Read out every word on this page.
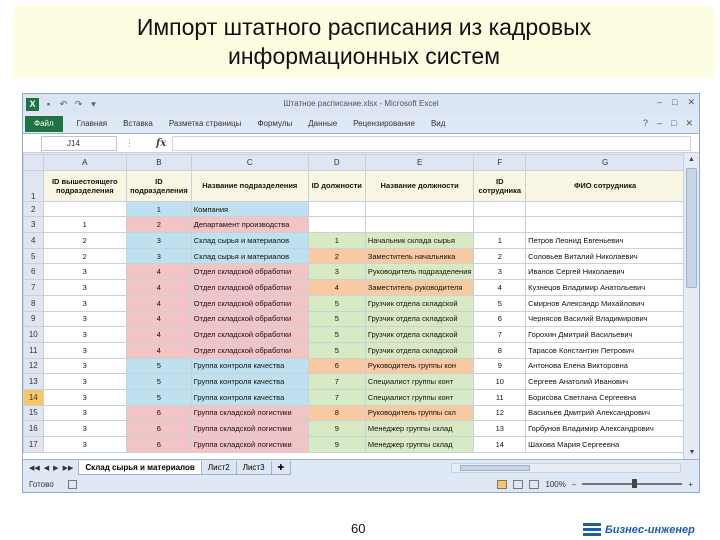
Импорт штатного расписания из кадровых
информационных систем
X	▪	↶ ↷ ▾	Штатное расписание.xlsx - Microsoft Excel	– □ ✕
Файл	Главная	Вставка	Разметка страницы	Формулы	Данные	Рецензирование	Вид	? – □ ✕
J14	⋮ fx
	A	B	C	D	E	F	G
1	ID вышестоящего подразделения	ID подразделения	Название подразделения	ID должности	Название должности	ID сотрудника	ФИО сотрудника
2		1	Компания				
3	1	2	Департамент производства				
4	2	3	Склад сырья и материалов	1	Начальник склада сырья	1	Петров Леонид Евгеньевич
5	2	3	Склад сырья и материалов	2	Заместитель начальника	2	Соловьев Виталий Николаевич
6	3	4	Отдел складской обработки	3	Руководитель подразделения	3	Иванов Сергей Николаевич
7	3	4	Отдел складской обработки	4	Заместитель руководителя	4	Кузнецов Владимир Анатольевич
8	3	4	Отдел складской обработки	5	Грузчик отдела складской	5	Смирнов Александр Михайлович
9	3	4	Отдел складской обработки	5	Грузчик отдела складской	6	Чернясов Василий Владимирович
10	3	4	Отдел складской обработки	5	Грузчик отдела складской	7	Горохин Дмитрий Васильевич
11	3	4	Отдел складской обработки	5	Грузчик отдела складской	8	Тарасов Константин Петрович
12	3	5	Группа контроля качества	6	Руководитель группы кон	9	Антонова Елена Викторовна
13	3	5	Группа контроля качества	7	Специалист группы конт	10	Сергеев Анатолий Иванович
14	3	5	Группа контроля качества	7	Специалист группы конт	11	Борисова Светлана Сергеевна
15	3	6	Группа складской логистики	8	Руководитель группы скл	12	Васильев Дмитрий Александрович
16	3	6	Группа складской логистики	9	Менеджер группы склад	13	Горбунов Владимир Александрович
17	3	6	Группа складской логистики	9	Менеджер группы склад	14	Шахова Мария Сергеевна
▲
▼
◀◀ ◀ ▶ ▶▶	Склад сырья и материалов	Лист2	Лист3	✚
Готово	100% –	+
60	Бизнес-инженер
